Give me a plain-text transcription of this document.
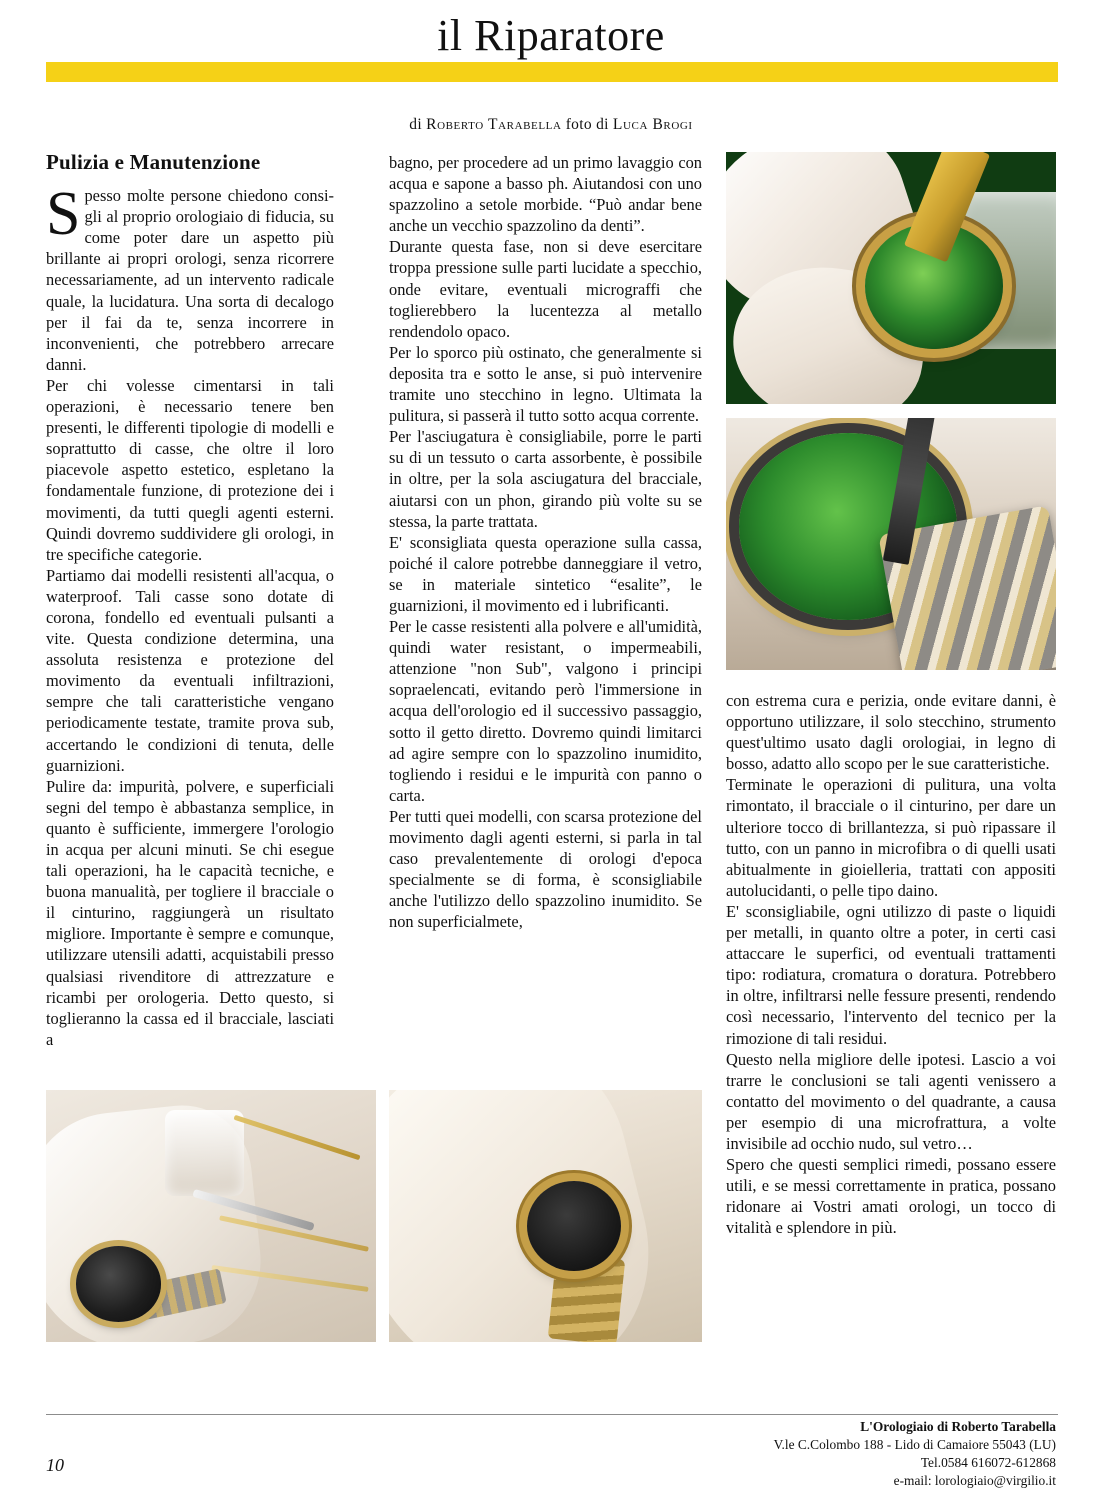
il Riparatore
di Roberto Tarabella foto di Luca Brogi
Pulizia e Manutenzione

Spesso molte persone chiedono consi-gli al proprio orologiaio di fiducia, su come poter dare un aspetto più brillante ai propri orologi, senza ricorrere necessariamente, ad un intervento radicale quale, la lucidatura. Una sorta di decalogo per il fai da te, senza incorrere in inconvenienti, che potrebbero arrecare danni.

Per chi volesse cimentarsi in tali operazioni, è necessario tenere ben presenti, le differenti tipologie di modelli e soprattutto di casse, che oltre il loro piacevole aspetto estetico, espletano la fondamentale funzione, di protezione dei i movimenti, da tutti quegli agenti esterni. Quindi dovremo suddividere gli orologi, in tre specifiche categorie.

Partiamo dai modelli resistenti all'acqua, o waterproof. Tali casse sono dotate di corona, fondello ed eventuali pulsanti a vite. Questa condizione determina, una assoluta resistenza e protezione del movimento da eventuali infiltrazioni, sempre che tali caratteristiche vengano periodicamente testate, tramite prova sub, accertando le condizioni di tenuta, delle guarnizioni.

Pulire da: impurità, polvere, e superficiali segni del tempo è abbastanza semplice, in quanto è sufficiente, immergere l'orologio in acqua per alcuni minuti. Se chi esegue tali operazioni, ha le capacità tecniche, e buona manualità, per togliere il bracciale o il cinturino, raggiungerà un risultato migliore. Importante è sempre e comunque, utilizzare utensili adatti, acquistabili presso qualsiasi rivenditore di attrezzature e ricambi per orologeria. Detto questo, si toglieranno la cassa ed il bracciale, lasciati a

bagno, per procedere ad un primo lavaggio con acqua e sapone a basso ph. Aiutandosi con uno spazzolino a setole morbide. “Può andar bene anche un vecchio spazzolino da denti”.

Durante questa fase, non si deve esercitare troppa pressione sulle parti lucidate a specchio, onde evitare, eventuali micrograffi che toglierebbero la lucentezza al metallo rendendolo opaco.

Per lo sporco più ostinato, che generalmente si deposita tra e sotto le anse, si può intervenire tramite uno stecchino in legno. Ultimata la pulitura, si passerà il tutto sotto acqua corrente.

Per l'asciugatura è consigliabile, porre le parti su di un tessuto o carta assorbente, è possibile in oltre, per la sola asciugatura del bracciale, aiutarsi con un phon, girando più volte su se stessa, la parte trattata.

E' sconsigliata questa operazione sulla cassa, poiché il calore potrebbe danneggiare il vetro, se in materiale sintetico “esalite”, le guarnizioni, il movimento ed i lubrificanti.

Per le casse resistenti alla polvere e all'umidità, quindi water resistant, o impermeabili, attenzione "non Sub", valgono i principi sopraelencati, evitando però l'immersione in acqua dell'orologio ed il successivo passaggio, sotto il getto diretto. Dovremo quindi limitarci ad agire sempre con lo spazzolino inumidito, togliendo i residui e le impurità con panno o carta.

Per tutti quei modelli, con scarsa protezione del movimento dagli agenti esterni, si parla in tal caso prevalentemente di orologi d'epoca specialmente se di forma, è sconsigliabile anche l'utilizzo dello spazzolino inumidito. Se non superficialmete,

con estrema cura e perizia, onde evitare danni, è opportuno utilizzare, il solo stecchino, strumento quest'ultimo usato dagli orologiai, in legno di bosso, adatto allo scopo per le sue caratteristiche.

Terminate le operazioni di pulitura, una volta rimontato, il bracciale o il cinturino, per dare un ulteriore tocco di brillantezza, si può ripassare il tutto, con un panno in microfibra o di quelli usati abitualmente in gioielleria, trattati con appositi autolucidanti, o pelle tipo daino.

E' sconsigliabile, ogni utilizzo di paste o liquidi per metalli, in quanto oltre a poter, in certi casi attaccare le superfici, od eventuali trattamenti tipo: rodiatura, cromatura o doratura. Potrebbero in oltre, infiltrarsi nelle fessure presenti, rendendo così necessario, l'intervento del tecnico per la rimozione di tali residui.

Questo nella migliore delle ipotesi. Lascio a voi trarre le conclusioni se tali agenti venissero a contatto del movimento o del quadrante, a causa per esempio di una microfrattura, a volte invisibile ad occhio nudo, sul vetro…

Spero che questi semplici rimedi, possano essere utili, e se messi correttamente in pratica, possano ridonare ai Vostri amati orologi, un tocco di vitalità e splendore in più.

L'Orologiaio di Roberto Tarabella
V.le C.Colombo 188 - Lido di Camaiore 55043 (LU)
Tel.0584 616072-612868
e-mail: lorologiaio@virgilio.it
10
